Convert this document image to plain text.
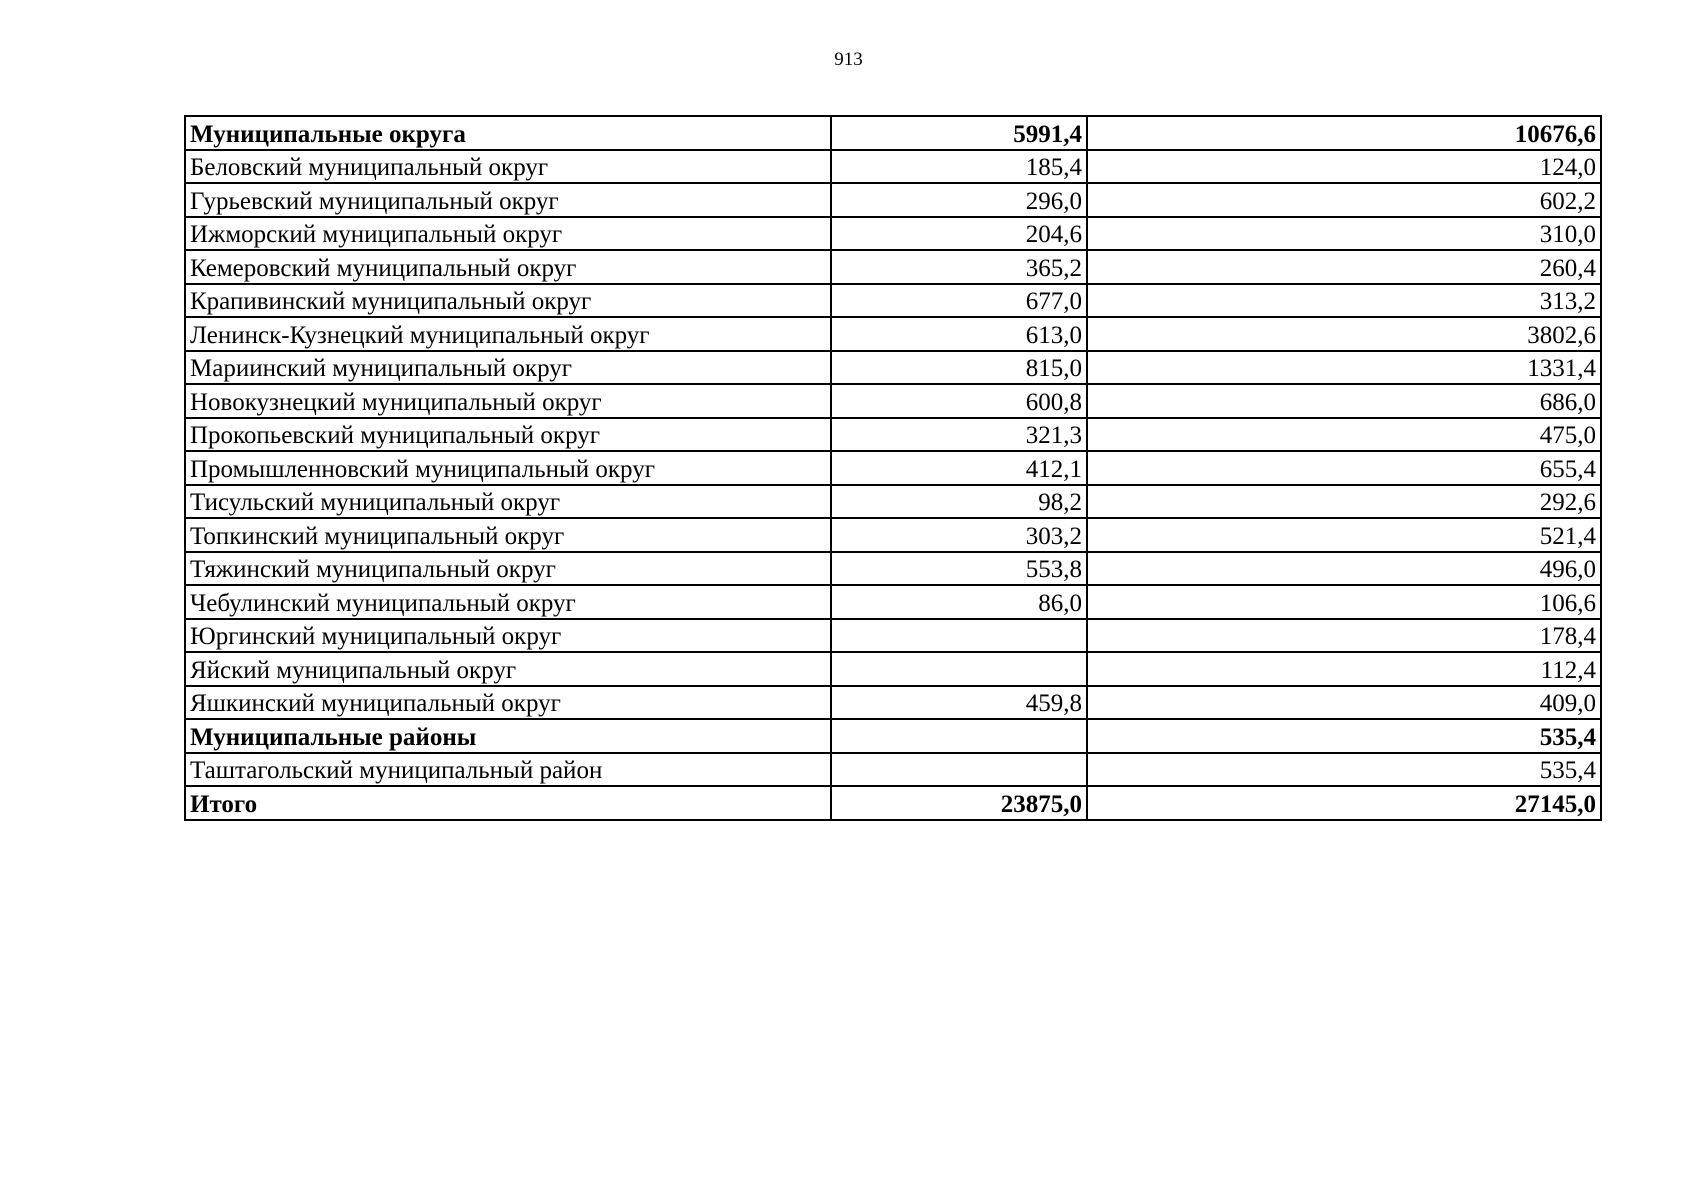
913
Муниципальные округа	5991,4	10676,6
Беловский муниципальный округ	185,4	124,0
Гурьевский муниципальный округ	296,0	602,2
Ижморский муниципальный округ	204,6	310,0
Кемеровский муниципальный округ	365,2	260,4
Крапивинский муниципальный округ	677,0	313,2
Ленинск-Кузнецкий муниципальный округ	613,0	3802,6
Мариинский муниципальный округ	815,0	1331,4
Новокузнецкий муниципальный округ	600,8	686,0
Прокопьевский муниципальный округ	321,3	475,0
Промышленновский муниципальный округ	412,1	655,4
Тисульский муниципальный округ	98,2	292,6
Топкинский муниципальный округ	303,2	521,4
Тяжинский муниципальный округ	553,8	496,0
Чебулинский муниципальный округ	86,0	106,6
Юргинский муниципальный округ		178,4
Яйский муниципальный округ		112,4
Яшкинский муниципальный округ	459,8	409,0
Муниципальные районы		535,4
Таштагольский муниципальный район		535,4
Итого	23875,0	27145,0
